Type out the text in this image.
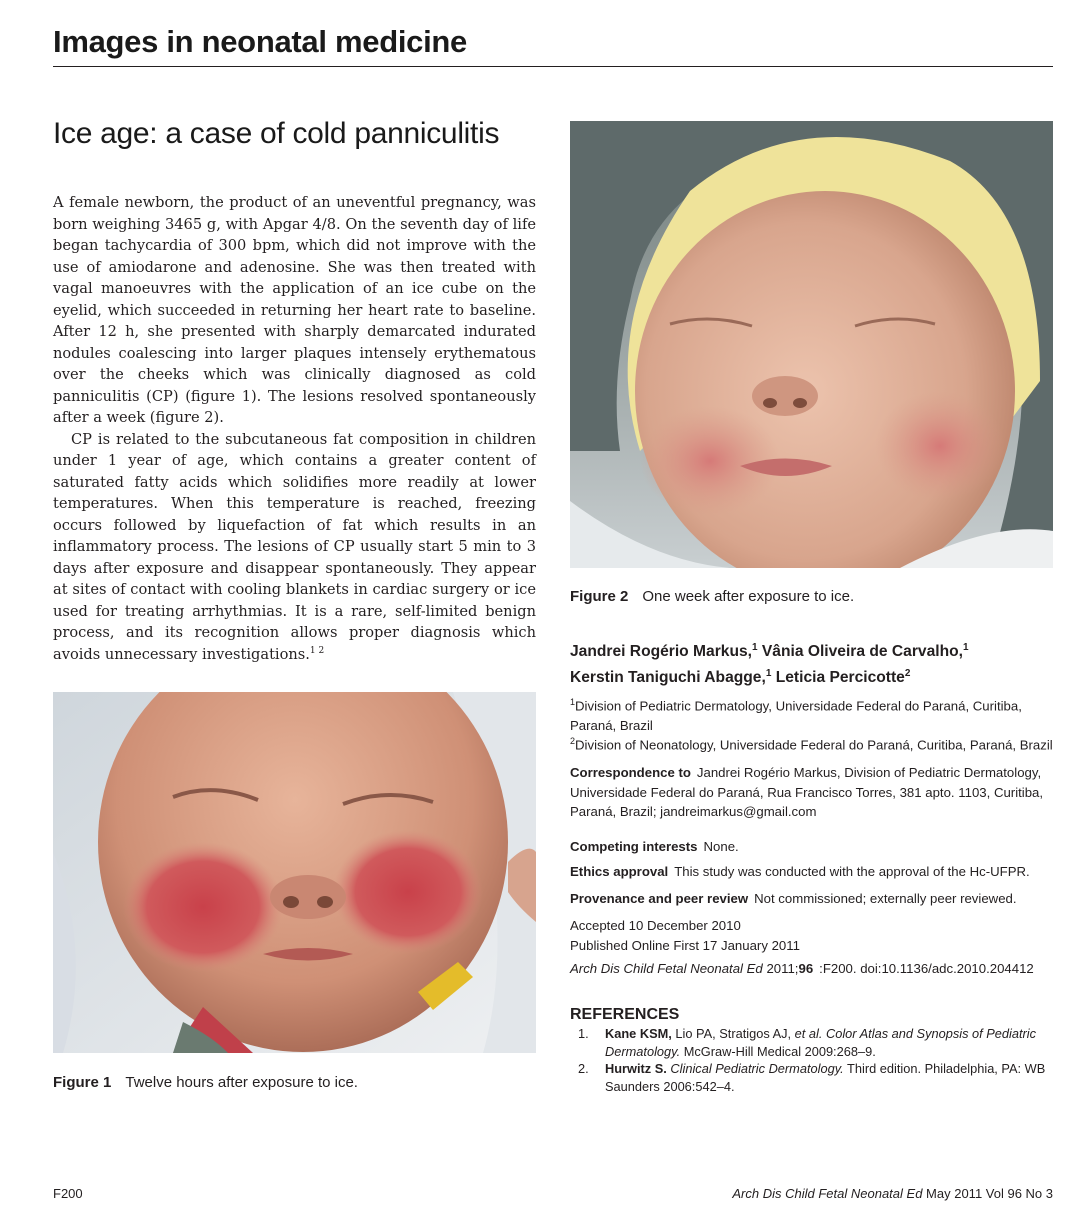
Images in neonatal medicine
Ice age: a case of cold panniculitis

A female newborn, the product of an uneventful pregnancy, was born weighing 3465 g, with Apgar 4/8. On the seventh day of life began tachycardia of 300 bpm, which did not improve with the use of amiodarone and adenosine. She was then treated with vagal manoeuvres with the application of an ice cube on the eyelid, which succeeded in returning her heart rate to baseline. After 12 h, she presented with sharply demarcated indurated nodules coalescing into larger plaques intensely erythematous over the cheeks which was clinically diagnosed as cold panniculitis (CP) (figure 1). The lesions resolved spontaneously after a week (figure 2).

CP is related to the subcutaneous fat composition in children under 1 year of age, which contains a greater content of saturated fatty acids which solidifies more readily at lower temperatures. When this temperature is reached, freezing occurs followed by liquefaction of fat which results in an inflammatory process. The lesions of CP usually start 5 min to 3 days after exposure and disappear spontaneously. They appear at sites of contact with cooling blankets in cardiac surgery or ice used for treating arrhythmias. It is a rare, self-limited benign process, and its recognition allows proper diagnosis which avoids unnecessary investigations.$^{1 2}$

Figure 1 Twelve hours after exposure to ice.
Figure 2 One week after exposure to ice.
Jandrei Rogério Markus,$^1$ Vânia Oliveira de Carvalho,$^1$
Kerstin Taniguchi Abagge,$^1$ Leticia Percicotte$^2$
$^1$Division of Pediatric Dermatology, Universidade Federal do Paraná, Curitiba, Paraná, Brazil
$^2$Division of Neonatology, Universidade Federal do Paraná, Curitiba, Paraná, Brazil
Correspondence to Jandrei Rogério Markus, Division of Pediatric Dermatology, Universidade Federal do Paraná, Rua Francisco Torres, 381 apto. 1103, Curitiba, Paraná, Brazil; jandreimarkus@gmail.com
Competing interests None.
Ethics approval This study was conducted with the approval of the Hc-UFPR.
Provenance and peer review Not commissioned; externally peer reviewed.
Accepted 10 December 2010
Published Online First 17 January 2011
Arch Dis Child Fetal Neonatal Ed 2011;96 :F200. doi:10.1136/adc.2010.204412
REFERENCES
1.	Kane KSM, Lio PA, Stratigos AJ, et al. Color Atlas and Synopsis of Pediatric Dermatology. McGraw-Hill Medical 2009:268–9.
2.	Hurwitz S. Clinical Pediatric Dermatology. Third edition. Philadelphia, PA: WB Saunders 2006:542–4.
F200	Arch Dis Child Fetal Neonatal Ed May 2011 Vol 96 No 3
